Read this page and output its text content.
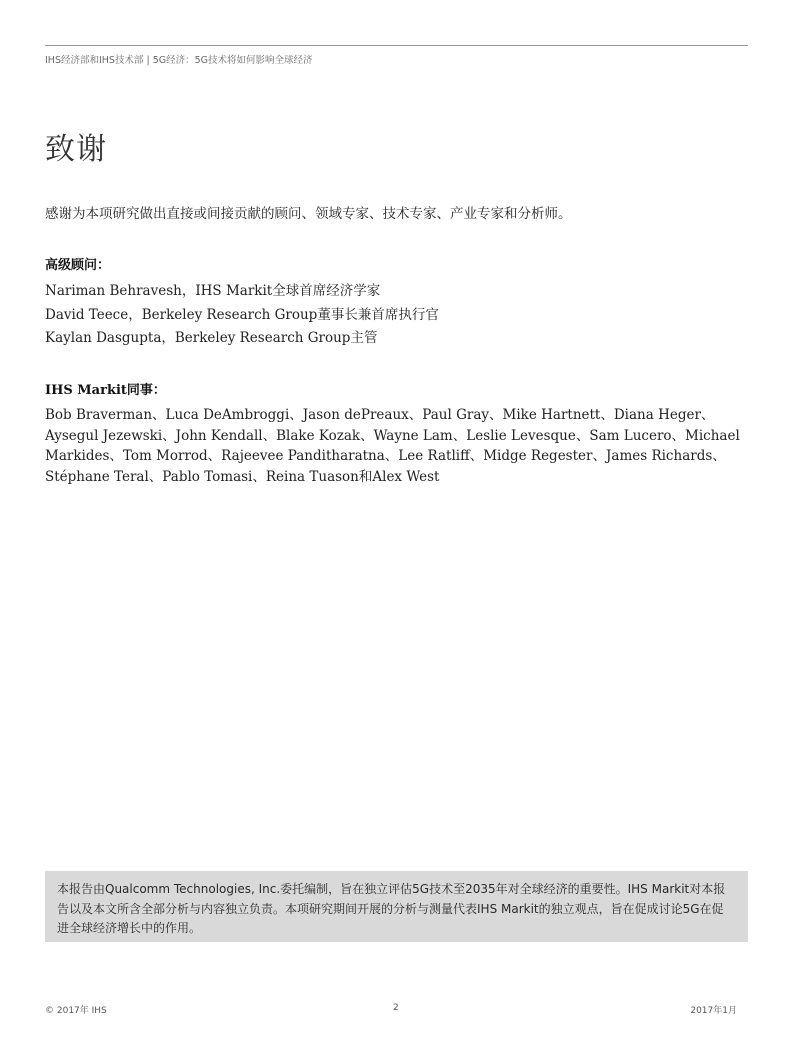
IHS经济部和IHS技术部 | 5G经济：5G技术将如何影响全球经济
致谢

感谢为本项研究做出直接或间接贡献的顾问、领域专家、技术专家、产业专家和分析师。

高级顾问：
Nariman Behravesh，IHS Markit全球首席经济学家
David Teece，Berkeley Research Group董事长兼首席执行官
Kaylan Dasgupta，Berkeley Research Group主管
IHS Markit同事：

Bob Braverman、Luca DeAmbroggi、Jason dePreaux、Paul Gray、Mike Hartnett、Diana Heger、Aysegul Jezewski、John Kendall、Blake Kozak、Wayne Lam、Leslie Levesque、Sam Lucero、Michael Markides、Tom Morrod、Rajeevee Panditharatna、Lee Ratliff、Midge Regester、James Richards、Stéphane Teral、Pablo Tomasi、Reina Tuason和Alex West

本报告由Qualcomm Technologies, Inc.委托编制，旨在独立评估5G技术至2035年对全球经济的重要性。IHS Markit对本报告以及本文所含全部分析与内容独立负责。本项研究期间开展的分析与测量代表IHS Markit的独立观点，旨在促成讨论5G在促进全球经济增长中的作用。
© 2017年 IHS	2	2017年1月
